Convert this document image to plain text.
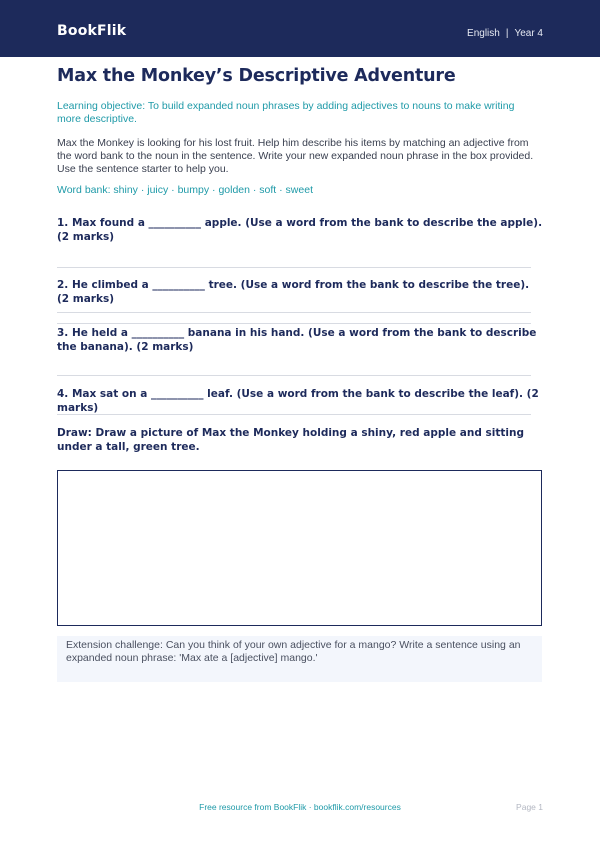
BookFlik	English | Year 4
Max the Monkey’s Descriptive Adventure
Learning objective: To build expanded noun phrases by adding adjectives to nouns to make writing more descriptive.
Max the Monkey is looking for his lost fruit. Help him describe his items by matching an adjective from the word bank to the noun in the sentence. Write your new expanded noun phrase in the box provided. Use the sentence starter to help you.
Word bank: shiny · juicy · bumpy · golden · soft · sweet
1. Max found a __________ apple. (Use a word from the bank to describe the apple). (2 marks)
2. He climbed a __________ tree. (Use a word from the bank to describe the tree). (2 marks)
3. He held a __________ banana in his hand. (Use a word from the bank to describe the banana). (2 marks)
4. Max sat on a __________ leaf. (Use a word from the bank to describe the leaf). (2 marks)
Draw: Draw a picture of Max the Monkey holding a shiny, red apple and sitting under a tall, green tree.
Extension challenge: Can you think of your own adjective for a mango? Write a sentence using an expanded noun phrase: 'Max ate a [adjective] mango.'
Free resource from BookFlik · bookflik.com/resources	Page 1
